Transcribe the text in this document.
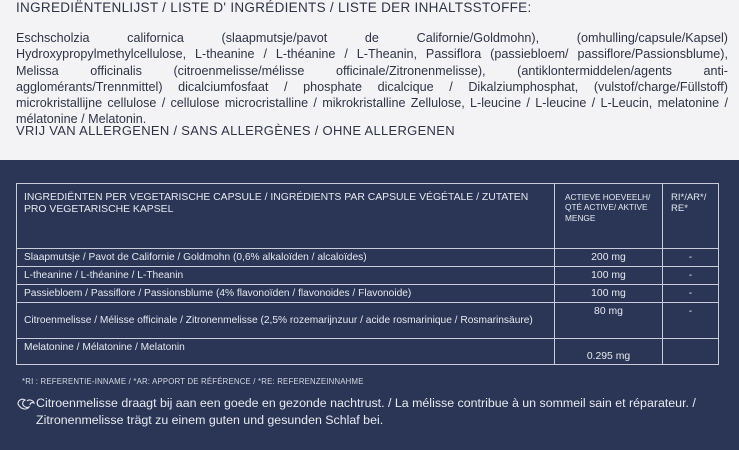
INGREDIËNTENLIJST / LISTE D' INGRÉDIENTS / LISTE DER INHALTSSTOFFE:
Eschscholzia californica (slaapmutsje/pavot de Californie/Goldmohn), (omhulling/capsule/Kapsel) Hydroxypropylmethylcellulose, L-theanine / L-théanine / L-Theanin, Passiflora (passiebloem/ passiflore/Passionsblume), Melissa officinalis (citroenmelisse/mélisse officinale/Zitronenmelisse), (antiklontermiddelen/agents anti-agglomérants/Trennmittel) dicalciumfosfaat / phosphate dicalcique / Dikalziumphosphat, (vulstof/charge/Füllstoff) microkristallijne cellulose / cellulose microcristalline / mikrokristalline Zellulose, L-leucine / L-leucine / L-Leucin, melatonine / mélatonine / Melatonin.
VRIJ VAN ALLERGENEN / SANS ALLERGÈNES / OHNE ALLERGENEN
INGREDIËNTEN PER VEGETARISCHE CAPSULE / INGRÉDIENTS PAR CAPSULE VÉGÉTALE / ZUTATEN PRO VEGETARISCHE KAPSEL	ACTIEVE HOEVEELH/ QTÉ ACTIVE/ AKTIVE MENGE	RI*/AR*/ RE*
Slaapmutsje / Pavot de Californie / Goldmohn (0,6% alkaloïden / alcaloïdes)	200 mg	-
L-theanine / L-théanine / L-Theanin	100 mg	-
Passiebloem / Passiflore / Passionsblume (4% flavonoïden / flavonoides / Flavonoide)	100 mg	-
Citroenmelisse / Mélisse officinale / Zitronenmelisse (2,5% rozemarijnzuur / acide rosmarinique / Rosmarinsäure)	80 mg	-
Melatonine / Mélatonine / Melatonin	0.295 mg	
*RI : REFERENTIE-INNAME / *AR: APPORT DE RÉFÉRENCE / *RE: REFERENZEINNAHME
Citroenmelisse draagt bij aan een goede en gezonde nachtrust. / La mélisse contribue à un sommeil sain et réparateur. / Zitronenmelisse trägt zu einem guten und gesunden Schlaf bei.
